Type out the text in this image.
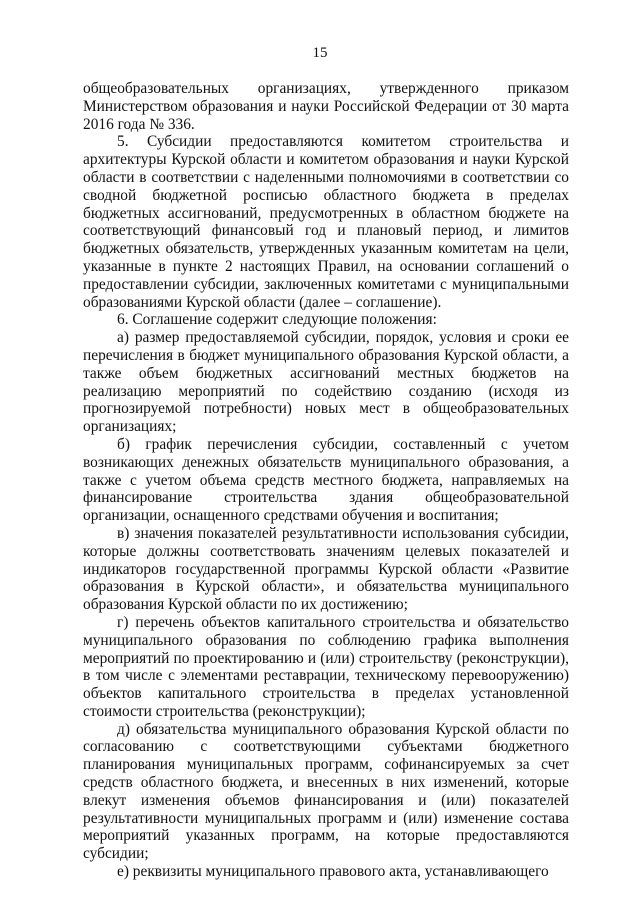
15

общеобразовательных организациях, утвержденного приказом Министерством образования и науки Российской Федерации от 30 марта 2016 года № 336.

5. Субсидии предоставляются комитетом строительства и архитектуры Курской области и комитетом образования и науки Курской области в соответствии с наделенными полномочиями в соответствии со сводной бюджетной росписью областного бюджета в пределах бюджетных ассигнований, предусмотренных в областном бюджете на соответствующий финансовый год и плановый период, и лимитов бюджетных обязательств, утвержденных указанным комитетам на цели, указанные в пункте 2 настоящих Правил, на основании соглашений о предоставлении субсидии, заключенных комитетами с муниципальными образованиями Курской области (далее – соглашение).

6. Соглашение содержит следующие положения:

а) размер предоставляемой субсидии, порядок, условия и сроки ее перечисления в бюджет муниципального образования Курской области, а также объем бюджетных ассигнований местных бюджетов на реализацию мероприятий по содействию созданию (исходя из прогнозируемой потребности) новых мест в общеобразовательных организациях;

б) график перечисления субсидии, составленный с учетом возникающих денежных обязательств муниципального образования, а также с учетом объема средств местного бюджета, направляемых на финансирование строительства здания общеобразовательной организации, оснащенного средствами обучения и воспитания;

в) значения показателей результативности использования субсидии, которые должны соответствовать значениям целевых показателей и индикаторов государственной программы Курской области «Развитие образования в Курской области», и обязательства муниципального образования Курской области по их достижению;

г) перечень объектов капитального строительства и обязательство муниципального образования по соблюдению графика выполнения мероприятий по проектированию и (или) строительству (реконструкции), в том числе с элементами реставрации, техническому перевооружению) объектов капитального строительства в пределах установленной стоимости строительства (реконструкции);

д) обязательства муниципального образования Курской области по согласованию с соответствующими субъектами бюджетного планирования муниципальных программ, софинансируемых за счет средств областного бюджета, и внесенных в них изменений, которые влекут изменения объемов финансирования и (или) показателей результативности муниципальных программ и (или) изменение состава мероприятий указанных программ, на которые предоставляются субсидии;

е) реквизиты муниципального правового акта, устанавливающего
